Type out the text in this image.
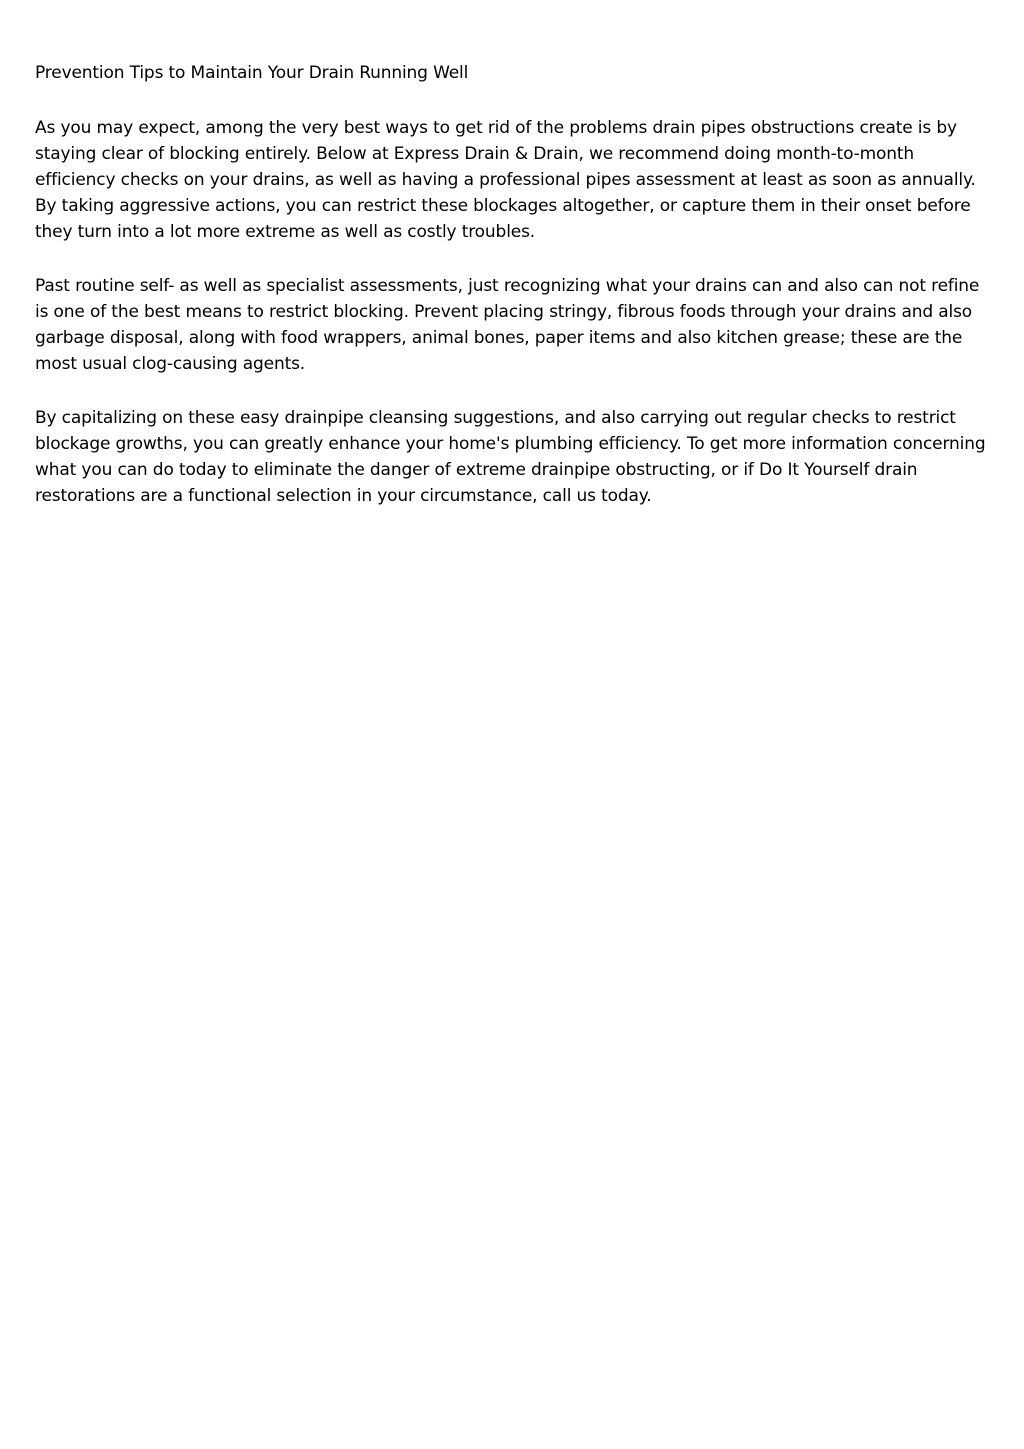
Prevention Tips to Maintain Your Drain Running Well

As you may expect, among the very best ways to get rid of the problems drain pipes obstructions create is by staying clear of blocking entirely. Below at Express Drain & Drain, we recommend doing month-to-month efficiency checks on your drains, as well as having a professional pipes assessment at least as soon as annually. By taking aggressive actions, you can restrict these blockages altogether, or capture them in their onset before they turn into a lot more extreme as well as costly troubles.

Past routine self- as well as specialist assessments, just recognizing what your drains can and also can not refine is one of the best means to restrict blocking. Prevent placing stringy, fibrous foods through your drains and also garbage disposal, along with food wrappers, animal bones, paper items and also kitchen grease; these are the most usual clog-causing agents.

By capitalizing on these easy drainpipe cleansing suggestions, and also carrying out regular checks to restrict blockage growths, you can greatly enhance your home's plumbing efficiency. To get more information concerning what you can do today to eliminate the danger of extreme drainpipe obstructing, or if Do It Yourself drain restorations are a functional selection in your circumstance, call us today.
